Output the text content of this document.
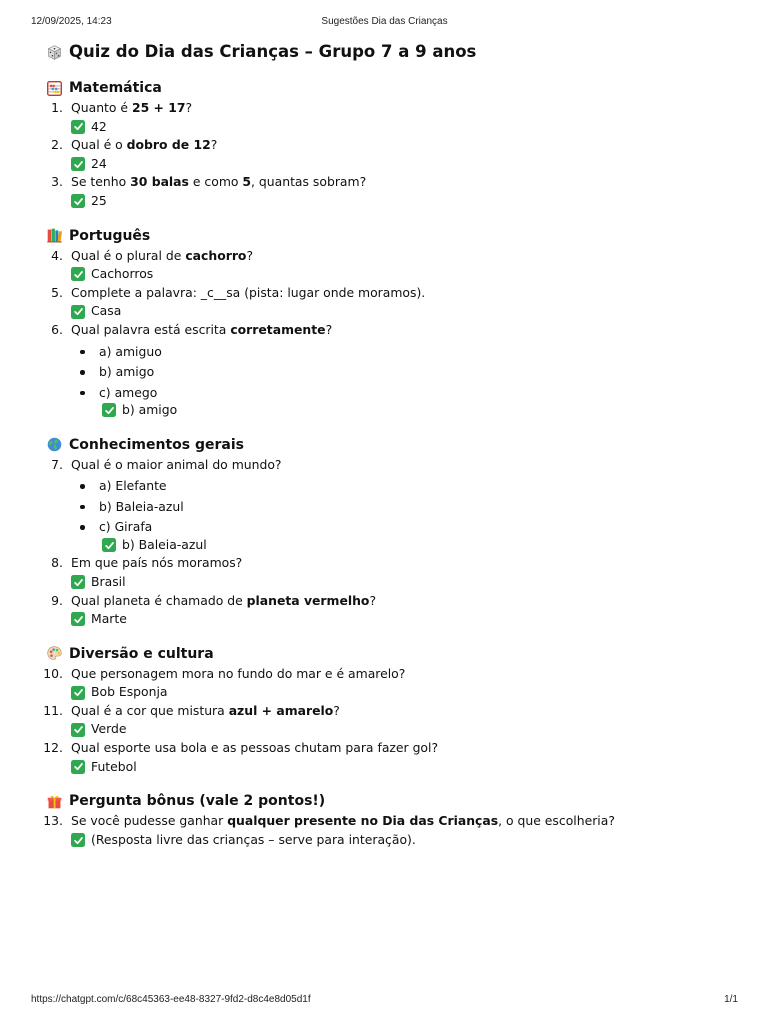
12/09/2025, 14:23	Sugestões Dia das Crianças
Quiz do Dia das Crianças – Grupo 7 a 9 anos
Matemática
1. Quanto é 25 + 17?
42
2. Qual é o dobro de 12?
24
3. Se tenho 30 balas e como 5, quantas sobram?
25
Português
4. Qual é o plural de cachorro?
Cachorros
5. Complete a palavra: _c__sa (pista: lugar onde moramos).
Casa
6. Qual palavra está escrita corretamente?
a) amiguo
b) amigo
c) amego
b) amigo
Conhecimentos gerais
7. Qual é o maior animal do mundo?
a) Elefante
b) Baleia-azul
c) Girafa
b) Baleia-azul
8. Em que país nós moramos?
Brasil
9. Qual planeta é chamado de planeta vermelho?
Marte
Diversão e cultura
10. Que personagem mora no fundo do mar e é amarelo?
Bob Esponja
11. Qual é a cor que mistura azul + amarelo?
Verde
12. Qual esporte usa bola e as pessoas chutam para fazer gol?
Futebol
Pergunta bônus (vale 2 pontos!)
13. Se você pudesse ganhar qualquer presente no Dia das Crianças, o que escolheria?
(Resposta livre das crianças – serve para interação).
https://chatgpt.com/c/68c45363-ee48-8327-9fd2-d8c4e8d05d1f	1/1
